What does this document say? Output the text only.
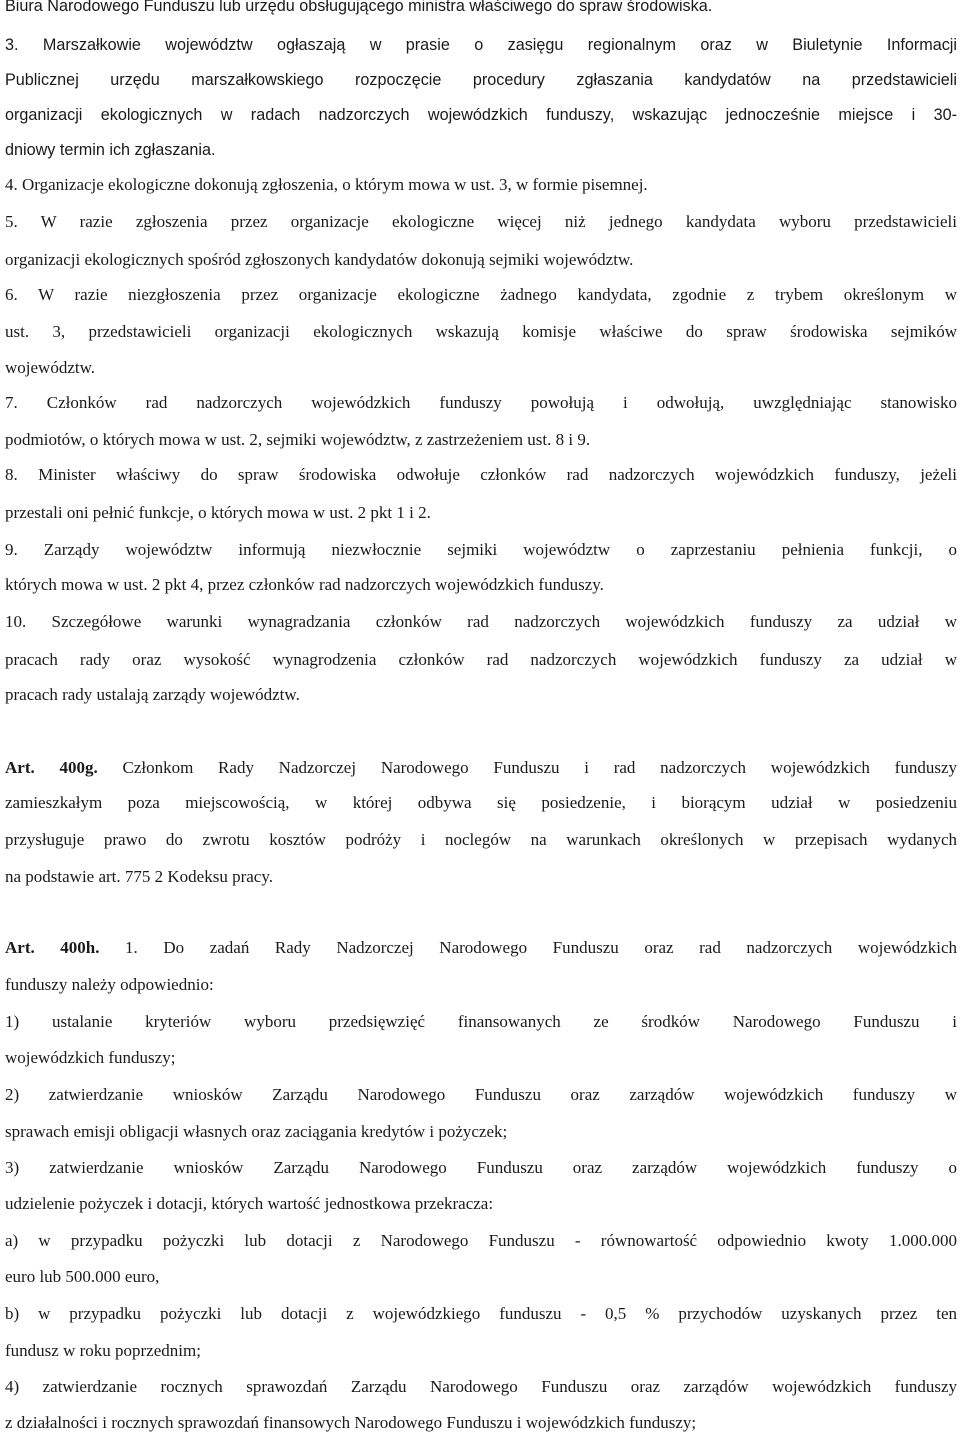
Biura Narodowego Funduszu lub urzędu obsługującego ministra właściwego do spraw środowiska.
3. Marszałkowie województw ogłaszają w prasie o zasięgu regionalnym oraz w Biuletynie Informacji
Publicznej urzędu marszałkowskiego rozpoczęcie procedury zgłaszania kandydatów na przedstawicieli
organizacji ekologicznych w radach nadzorczych wojewódzkich funduszy, wskazując jednocześnie miejsce i 30-
dniowy termin ich zgłaszania.
4. Organizacje ekologiczne dokonują zgłoszenia, o którym mowa w ust. 3, w formie pisemnej.
5. W razie zgłoszenia przez organizacje ekologiczne więcej niż jednego kandydata wyboru przedstawicieli
organizacji ekologicznych spośród zgłoszonych kandydatów dokonują sejmiki województw.
6. W razie niezgłoszenia przez organizacje ekologiczne żadnego kandydata, zgodnie z trybem określonym w
ust. 3, przedstawicieli organizacji ekologicznych wskazują komisje właściwe do spraw środowiska sejmików
województw.
7. Członków rad nadzorczych wojewódzkich funduszy powołują i odwołują, uwzględniając stanowisko
podmiotów, o których mowa w ust. 2, sejmiki województw, z zastrzeżeniem ust. 8 i 9.
8. Minister właściwy do spraw środowiska odwołuje członków rad nadzorczych wojewódzkich funduszy, jeżeli
przestali oni pełnić funkcje, o których mowa w ust. 2 pkt 1 i 2.
9. Zarządy województw informują niezwłocznie sejmiki województw o zaprzestaniu pełnienia funkcji, o
których mowa w ust. 2 pkt 4, przez członków rad nadzorczych wojewódzkich funduszy.
10. Szczegółowe warunki wynagradzania członków rad nadzorczych wojewódzkich funduszy za udział w
pracach rady oraz wysokość wynagrodzenia członków rad nadzorczych wojewódzkich funduszy za udział w
pracach rady ustalają zarządy województw.
Art. 400g. Członkom Rady Nadzorczej Narodowego Funduszu i rad nadzorczych wojewódzkich funduszy
zamieszkałym poza miejscowością, w której odbywa się posiedzenie, i biorącym udział w posiedzeniu
przysługuje prawo do zwrotu kosztów podróży i noclegów na warunkach określonych w przepisach wydanych
na podstawie art. 775 2 Kodeksu pracy.
Art. 400h. 1. Do zadań Rady Nadzorczej Narodowego Funduszu oraz rad nadzorczych wojewódzkich
funduszy należy odpowiednio:
1) ustalanie kryteriów wyboru przedsięwzięć finansowanych ze środków Narodowego Funduszu i
wojewódzkich funduszy;
2) zatwierdzanie wniosków Zarządu Narodowego Funduszu oraz zarządów wojewódzkich funduszy w
sprawach emisji obligacji własnych oraz zaciągania kredytów i pożyczek;
3) zatwierdzanie wniosków Zarządu Narodowego Funduszu oraz zarządów wojewódzkich funduszy o
udzielenie pożyczek i dotacji, których wartość jednostkowa przekracza:
a) w przypadku pożyczki lub dotacji z Narodowego Funduszu - równowartość odpowiednio kwoty 1.000.000
euro lub 500.000 euro,
b) w przypadku pożyczki lub dotacji z wojewódzkiego funduszu - 0,5 % przychodów uzyskanych przez ten
fundusz w roku poprzednim;
4) zatwierdzanie rocznych sprawozdań Zarządu Narodowego Funduszu oraz zarządów wojewódzkich funduszy
z działalności i rocznych sprawozdań finansowych Narodowego Funduszu i wojewódzkich funduszy;
